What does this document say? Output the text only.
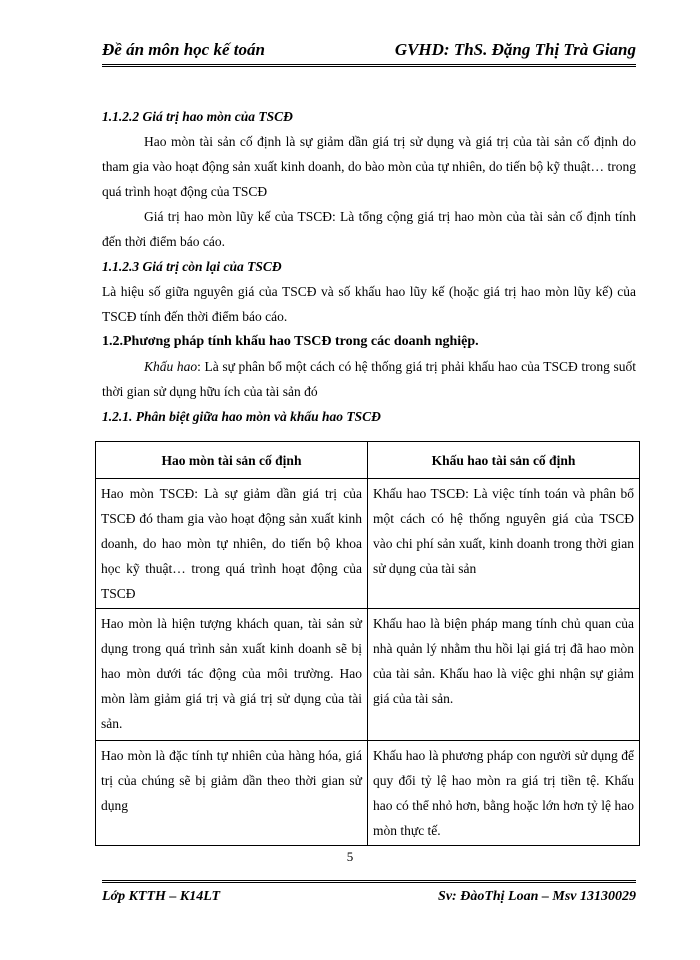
Đề án môn học kế toán	GVHD: ThS. Đặng Thị Trà Giang

1.1.2.2 Giá trị hao mòn của TSCĐ

Hao mòn tài sản cố định là sự giảm dần giá trị sử dụng và giá trị của tài sản cố định do tham gia vào hoạt động sản xuất kinh doanh, do bào mòn của tự nhiên, do tiến bộ kỹ thuật… trong quá trình hoạt động của TSCĐ

Giá trị hao mòn lũy kế của TSCĐ: Là tổng cộng giá trị hao mòn của tài sản cố định tính đến thời điểm báo cáo.

1.1.2.3 Giá trị còn lại của TSCĐ

Là hiệu số giữa nguyên giá của TSCĐ và số khấu hao lũy kế (hoặc giá trị hao mòn lũy kế) của TSCĐ tính đến thời điểm báo cáo.

1.2.Phương pháp tính khấu hao TSCĐ trong các doanh nghiệp.

Khấu hao: Là sự phân bổ một cách có hệ thống giá trị phải khấu hao của TSCĐ trong suốt thời gian sử dụng hữu ích của tài sản đó

1.2.1. Phân biệt giữa hao mòn và khấu hao TSCĐ

Hao mòn tài sản cố định	Khấu hao tài sản cố định
Hao mòn TSCĐ: Là sự giảm dần giá trị của TSCĐ đó tham gia vào hoạt động sản xuất kinh doanh, do hao mòn tự nhiên, do tiến bộ khoa học kỹ thuật… trong quá trình hoạt động của TSCĐ	Khấu hao TSCĐ: Là việc tính toán và phân bổ một cách có hệ thống nguyên giá của TSCĐ vào chi phí sản xuất, kinh doanh trong thời gian sử dụng của tài sản
Hao mòn là hiện tượng khách quan, tài sản sử dụng trong quá trình sản xuất kinh doanh sẽ bị hao mòn dưới tác động của môi trường. Hao mòn làm giảm giá trị và giá trị sử dụng của tài sản.	Khấu hao là biện pháp mang tính chủ quan của nhà quản lý nhằm thu hồi lại giá trị đã hao mòn của tài sản. Khấu hao là việc ghi nhận sự giảm giá của tài sản.
Hao mòn là đặc tính tự nhiên của hàng hóa, giá trị của chúng sẽ bị giảm dần theo thời gian sử dụng	Khấu hao là phương pháp con người sử dụng để quy đổi tỷ lệ hao mòn ra giá trị tiền tệ. Khấu hao có thể nhỏ hơn, bằng hoặc lớn hơn tỷ lệ hao mòn thực tế.
5
Lớp KTTH – K14LT	Sv: ĐàoThị Loan – Msv 13130029
